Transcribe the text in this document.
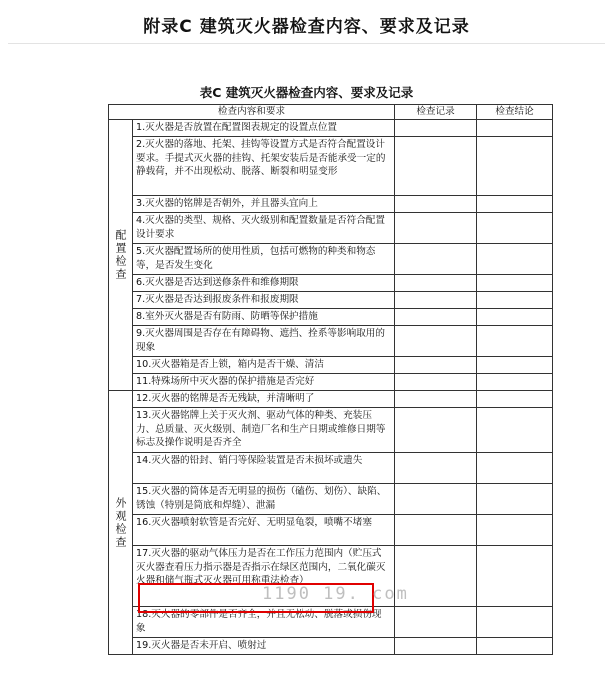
附录C 建筑灭火器检查内容、要求及记录
表C 建筑灭火器检查内容、要求及记录
检查内容和要求		检查记录	检查结论
配置检查	1.灭火器是否放置在配置图表规定的设置点位置		
	2.灭火器的落地、托架、挂钩等设置方式是否符合配置设计要求。手提式灭火器的挂钩、托架安装后是否能承受一定的静载荷，并不出现松动、脱落、断裂和明显变形		
	3.灭火器的铭牌是否朝外，并且器头宜向上		
	4.灭火器的类型、规格、灭火级别和配置数量是否符合配置设计要求		
	5.灭火器配置场所的使用性质，包括可燃物的种类和物态等，是否发生变化		
	6.灭火器是否达到送修条件和维修期限		
	7.灭火器是否达到报废条件和报废期限		
	8.室外灭火器是否有防雨、防晒等保护措施		
	9.灭火器周围是否存在有障碍物、遮挡、拴系等影响取用的现象		
	10.灭火器箱是否上锁，箱内是否干燥、清洁		
	11.特殊场所中灭火器的保护措施是否完好		
外观检查	12.灭火器的铭牌是否无残缺，并清晰明了		
	13.灭火器铭牌上关于灭火剂、驱动气体的种类、充装压力、总质量、灭火级别、制造厂名和生产日期或维修日期等标志及操作说明是否齐全		
	14.灭火器的铅封、销闩等保险装置是否未损坏或遗失		
	15.灭火器的筒体是否无明显的损伤（磕伤、划伤）、缺陷、锈蚀（特别是筒底和焊缝）、泄漏		
	16.灭火器喷射软管是否完好、无明显龟裂，喷嘴不堵塞		
	17.灭火器的驱动气体压力是否在工作压力范围内（贮压式灭火器查看压力指示器是否指示在绿区范围内，二氧化碳灭火器和储气瓶式灭火器可用称重法检查）		
	18.灭火器的零部件是否齐全，并且无松动、脱落或损伤现象		
	19.灭火器是否未开启、喷射过		
1190 19. com
